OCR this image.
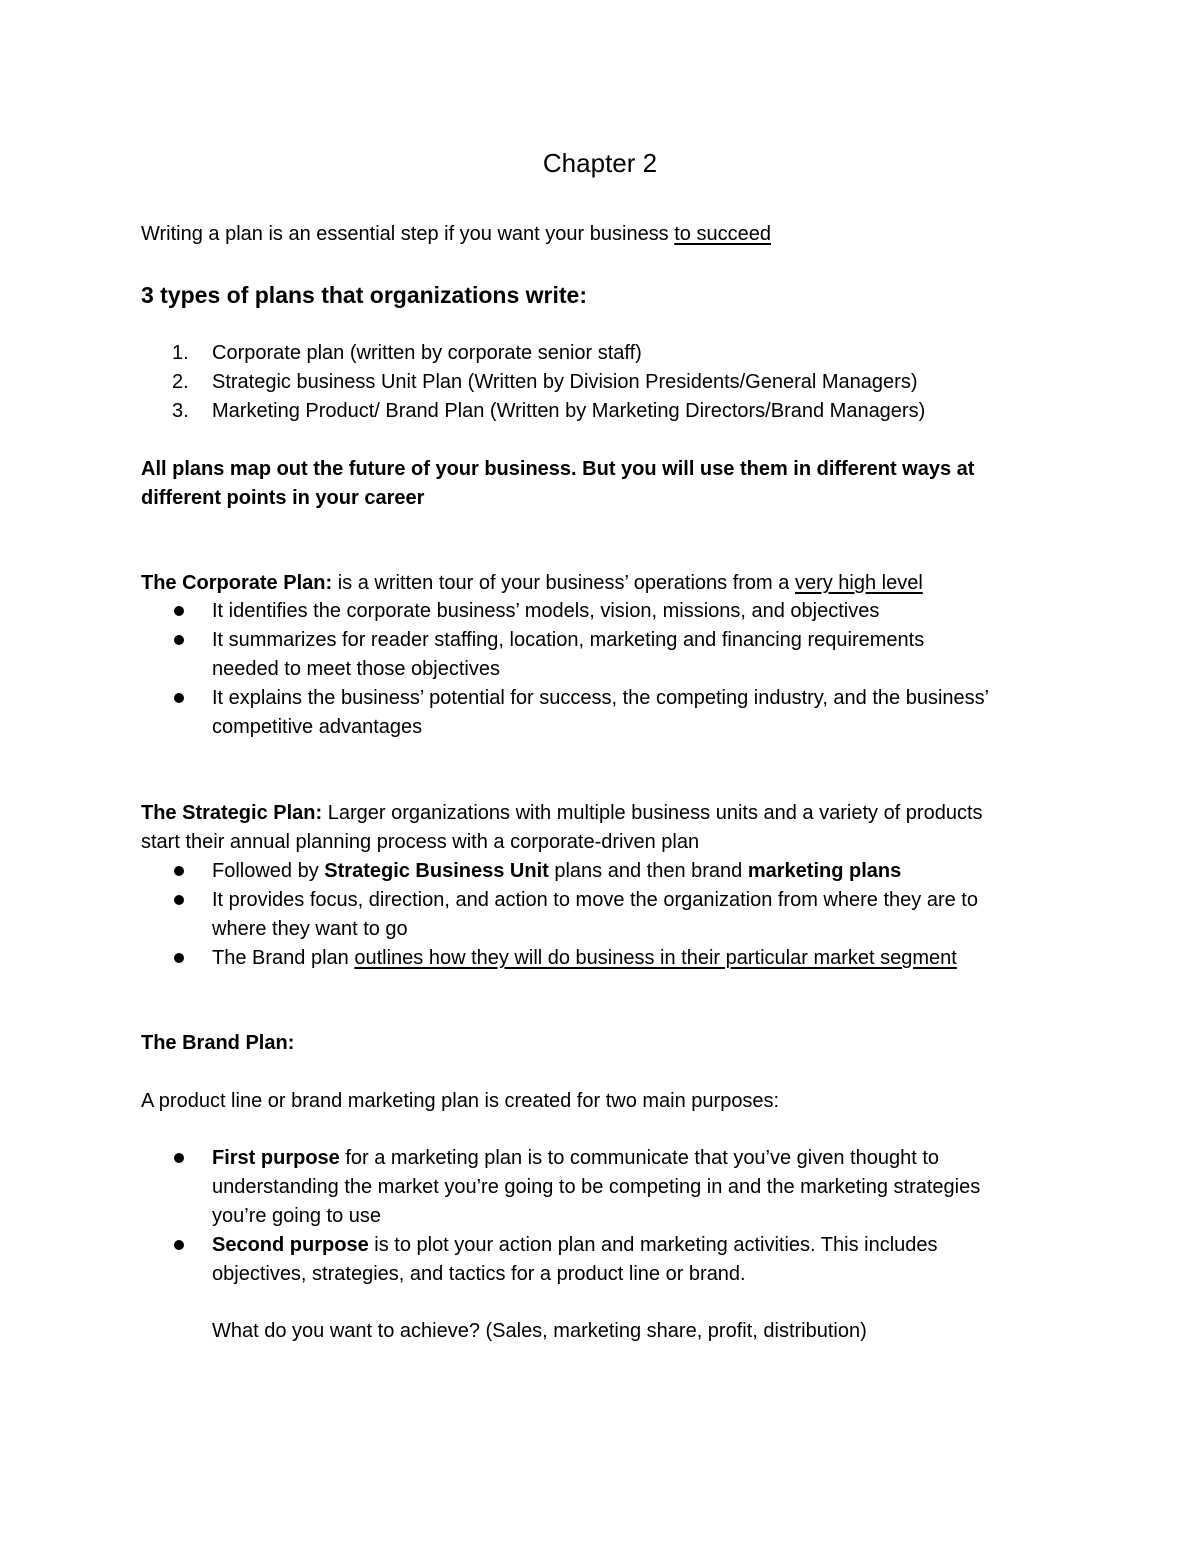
Chapter 2
Writing a plan is an essential step if you want your business to succeed
3 types of plans that organizations write:
1.	Corporate plan (written by corporate senior staff)
2.	Strategic business Unit Plan (Written by Division Presidents/General Managers)
3.	Marketing Product/ Brand Plan (Written by Marketing Directors/Brand Managers)
All plans map out the future of your business. But you will use them in different ways at
different points in your career
The Corporate Plan: is a written tour of your business’ operations from a very high level
It identifies the corporate business’ models, vision, missions, and objectives
It summarizes for reader staffing, location, marketing and financing requirements
needed to meet those objectives
It explains the business’ potential for success, the competing industry, and the business’
competitive advantages
The Strategic Plan: Larger organizations with multiple business units and a variety of products
start their annual planning process with a corporate-driven plan
Followed by Strategic Business Unit plans and then brand marketing plans
It provides focus, direction, and action to move the organization from where they are to
where they want to go
The Brand plan outlines how they will do business in their particular market segment
The Brand Plan:
A product line or brand marketing plan is created for two main purposes:
First purpose for a marketing plan is to communicate that you’ve given thought to
understanding the market you’re going to be competing in and the marketing strategies
you’re going to use
Second purpose is to plot your action plan and marketing activities. This includes
objectives, strategies, and tactics for a product line or brand.
What do you want to achieve? (Sales, marketing share, profit, distribution)
